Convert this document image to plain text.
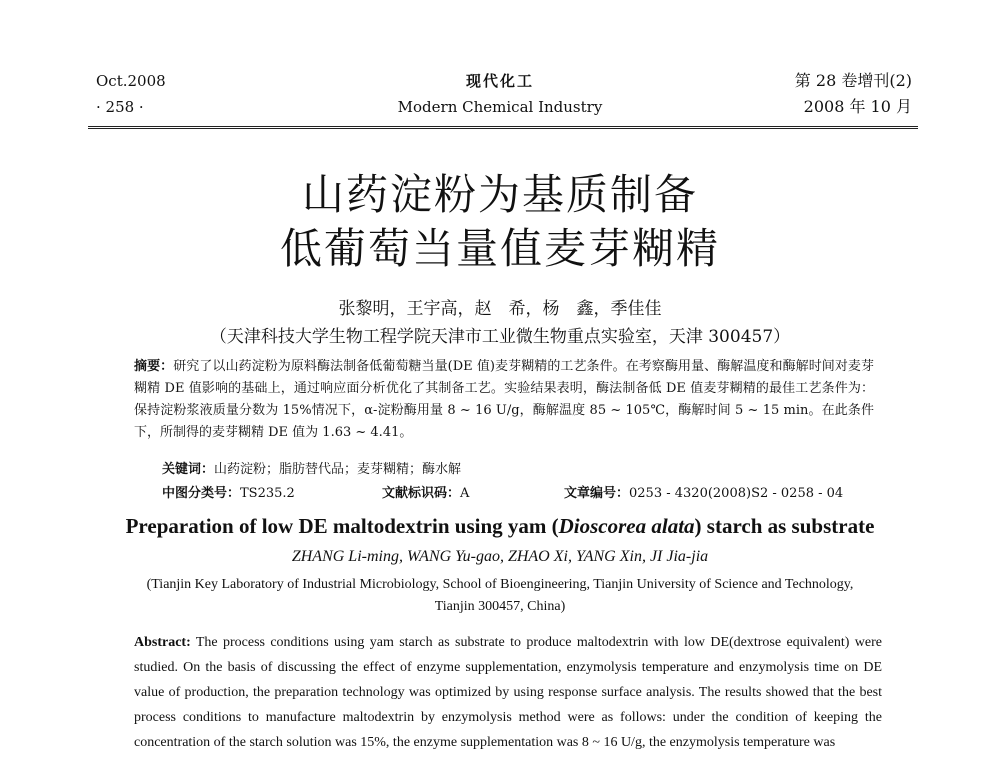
Oct.2008
· 258 ·
现代化工
Modern Chemical Industry
第 28 卷增刊(2)
2008 年 10 月
山药淀粉为基质制备
低葡萄当量值麦芽糊精
张黎明，王宇高，赵　希，杨　鑫，季佳佳
（天津科技大学生物工程学院天津市工业微生物重点实验室，天津 300457）
摘要：研究了以山药淀粉为原料酶法制备低葡萄糖当量(DE 值)麦芽糊精的工艺条件。在考察酶用量、酶解温度和酶解时间对麦芽糊精 DE 值影响的基础上，通过响应面分析优化了其制备工艺。实验结果表明，酶法制备低 DE 值麦芽糊精的最佳工艺条件为：保持淀粉浆液质量分数为 15%情况下，α-淀粉酶用量 8 ~ 16 U/g，酶解温度 85 ~ 105℃，酶解时间 5 ~ 15 min。在此条件下，所制得的麦芽糊精 DE 值为 1.63 ~ 4.41。
关键词：山药淀粉；脂肪替代品；麦芽糊精；酶水解
中图分类号：TS235.2	文献标识码：A	文章编号：0253 - 4320(2008)S2 - 0258 - 04
Preparation of low DE maltodextrin using yam (Dioscorea alata) starch as substrate
ZHANG Li-ming, WANG Yu-gao, ZHAO Xi, YANG Xin, JI Jia-jia
(Tianjin Key Laboratory of Industrial Microbiology, School of Bioengineering, Tianjin University of Science and Technology,
Tianjin 300457, China)
Abstract: The process conditions using yam starch as substrate to produce maltodextrin with low DE(dextrose equivalent) were studied. On the basis of discussing the effect of enzyme supplementation, enzymolysis temperature and enzymolysis time on DE value of production, the preparation technology was optimized by using response surface analysis. The results showed that the best process conditions to manufacture maltodextrin by enzymolysis method were as follows: under the condition of keeping the concentration of the starch solution was 15%, the enzyme supplementation was 8 ~ 16 U/g, the enzymolysis temperature was
